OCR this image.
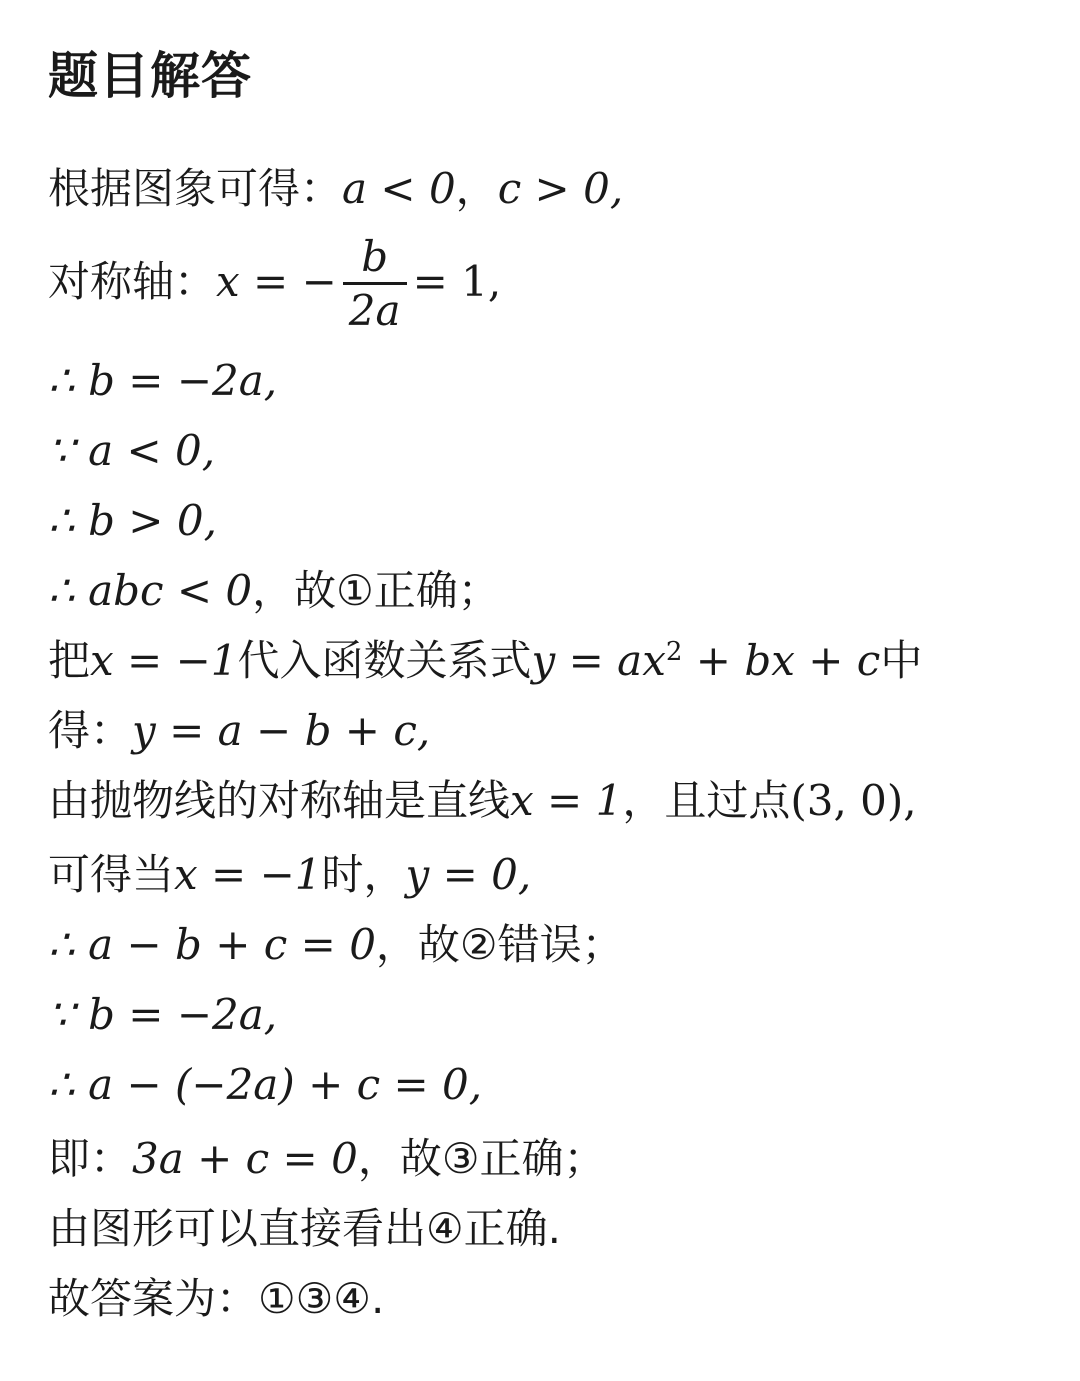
题目解答
根据图象可得：a < 0，c > 0,
对称轴：x = − $\frac{b}{2a} = 1$,
∴ b = −2a,
∵ a < 0,
∴ b > 0,
∴ abc < 0，故①正确；
把x = −1代入函数关系式$y = ax^2$ + bx + c中
得：y = a − b + c,
由抛物线的对称轴是直线x = 1，且过点(3, 0),
可得当x = −1时，y = 0,
∴ a − b + c = 0，故②错误；
∵ b = −2a,
∴ a − (−2a) + c = 0,
即：3a + c = 0，故③正确；
由图形可以直接看出④正确.
故答案为：①③④.
